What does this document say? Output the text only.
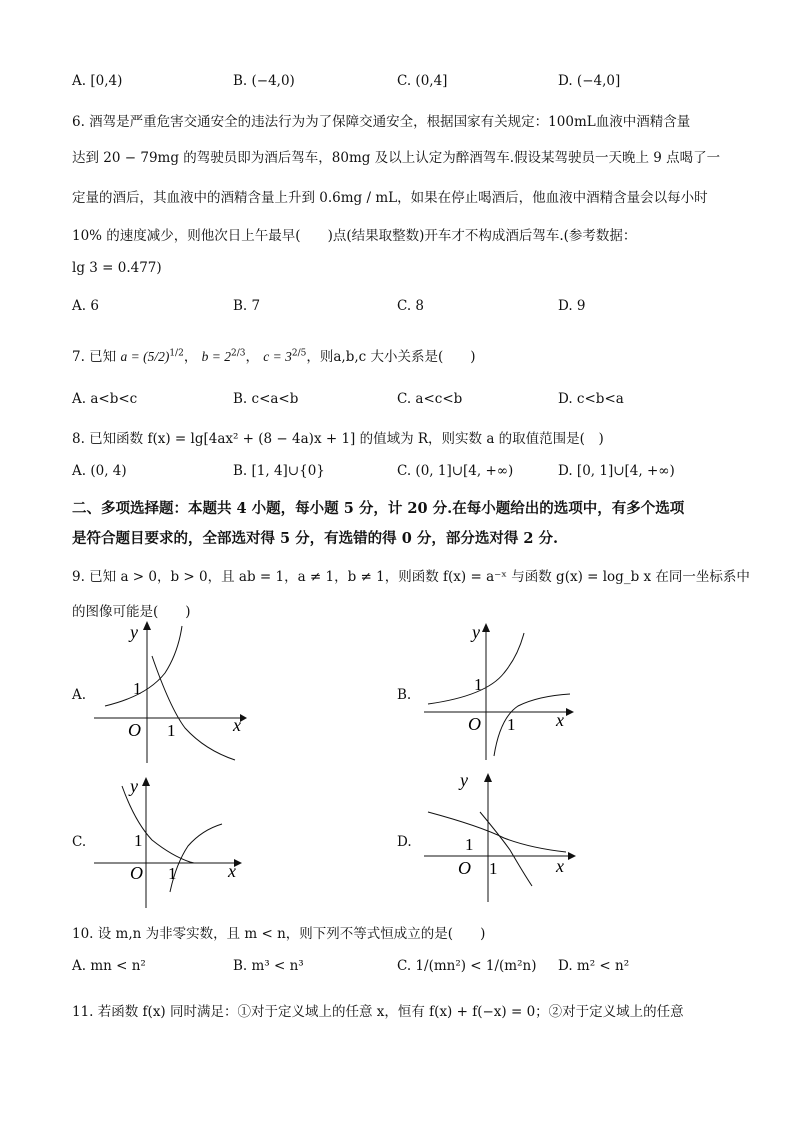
A. [0,4)	B. (−4,0)	C. (0,4]	D. (−4,0]
6. 酒驾是严重危害交通安全的违法行为为了保障交通安全，根据国家有关规定：100mL血液中酒精含量
达到 20 − 79mg 的驾驶员即为酒后驾车，80mg 及以上认定为醉酒驾车.假设某驾驶员一天晚上 9 点喝了一
定量的酒后，其血液中的酒精含量上升到 0.6mg / mL，如果在停止喝酒后，他血液中酒精含量会以每小时
10% 的速度减少，则他次日上午最早(　　)点(结果取整数)开车才不构成酒后驾车.(参考数据：
lg 3 = 0.477)
A. 6	B. 7	C. 8	D. 9
7. 已知 $a = (5/2)^{1/2}$， $b = 2^{2/3}$， $c = 3^{2/5}$，则a,b,c 大小关系是(　　)
A. a<b<c	B. c<a<b	C. a<c<b	D. c<b<a
8. 已知函数 f(x) = lg[4ax² + (8 − 4a)x + 1] 的值域为 R，则实数 a 的取值范围是(　)
A. (0, 4)	B. [1, 4]∪{0}	C. (0, 1]∪[4, +∞)	D. [0, 1]∪[4, +∞)
二、多项选择题：本题共 4 小题，每小题 5 分，计 20 分.在每小题给出的选项中，有多个选项
是符合题目要求的，全部选对得 5 分，有选错的得 0 分，部分选对得 2 分.
9. 已知 a > 0，b > 0，且 ab = 1，a ≠ 1，b ≠ 1，则函数 f(x) = a⁻ˣ 与函数 g(x) = log_b x 在同一坐标系中
的图像可能是(　　)
A.
x
y
O
1
1
B.
x
y
O
1
1
C.
x
y
O
1
1
D.
x
y
O
1
1
10. 设 m,n 为非零实数，且 m < n，则下列不等式恒成立的是(　　)
A. mn < n²	B. m³ < n³	C. 1/(mn²) < 1/(m²n) D. m² < n²
11. 若函数 f(x) 同时满足：①对于定义域上的任意 x，恒有 f(x) + f(−x) = 0；②对于定义域上的任意
